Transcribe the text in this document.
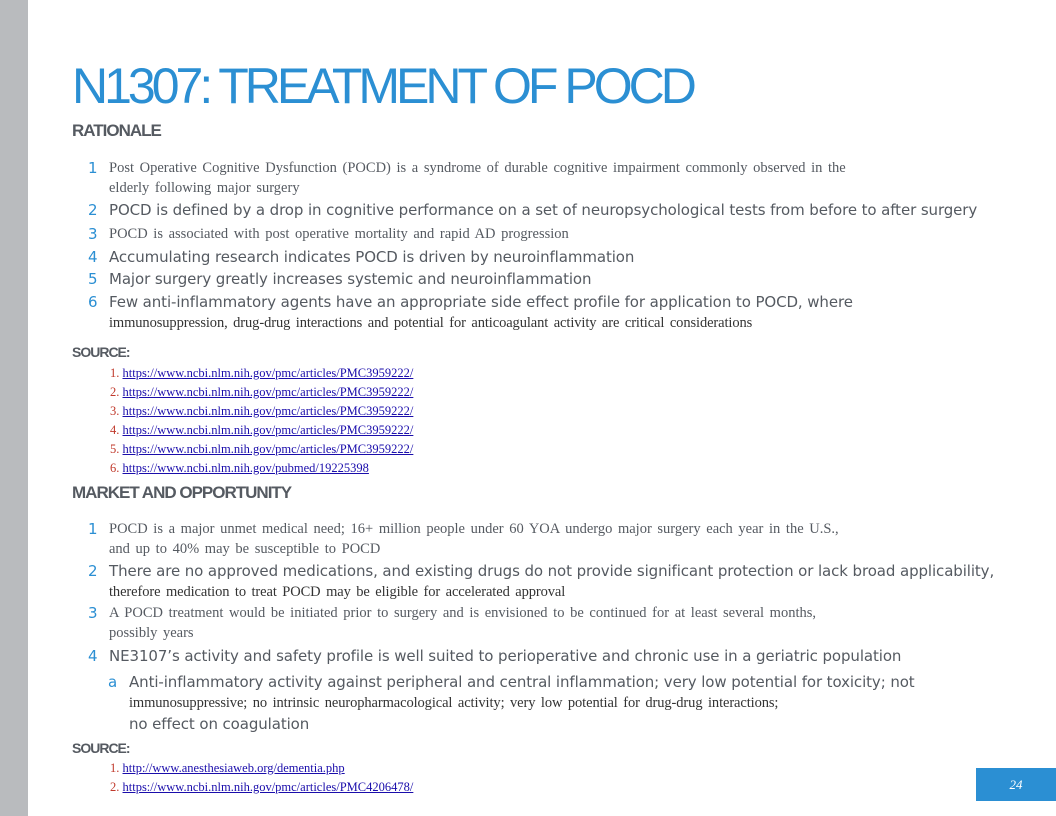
N1307: TREATMENT OF POCD
RATIONALE
1 Post Operative Cognitive Dysfunction (POCD) is a syndrome of durable cognitive impairment commonly observed in the
elderly following major surgery
2 POCD is defined by a drop in cognitive performance on a set of neuropsychological tests from before to after surgery
3 POCD is associated with post operative mortality and rapid AD progression
4 Accumulating research indicates POCD is driven by neuroinflammation
5 Major surgery greatly increases systemic and neuroinflammation
6 Few anti-inflammatory agents have an appropriate side effect profile for application to POCD, where
immunosuppression, drug-drug interactions and potential for anticoagulant activity are critical considerations
SOURCE:
1. https://www.ncbi.nlm.nih.gov/pmc/articles/PMC3959222/
2. https://www.ncbi.nlm.nih.gov/pmc/articles/PMC3959222/
3. https://www.ncbi.nlm.nih.gov/pmc/articles/PMC3959222/
4. https://www.ncbi.nlm.nih.gov/pmc/articles/PMC3959222/
5. https://www.ncbi.nlm.nih.gov/pmc/articles/PMC3959222/
6. https://www.ncbi.nlm.nih.gov/pubmed/19225398
MARKET AND OPPORTUNITY
1 POCD is a major unmet medical need; 16+ million people under 60 YOA undergo major surgery each year in the U.S.,
and up to 40% may be susceptible to POCD
2 There are no approved medications, and existing drugs do not provide significant protection or lack broad applicability,
therefore medication to treat POCD may be eligible for accelerated approval
3 A POCD treatment would be initiated prior to surgery and is envisioned to be continued for at least several months,
possibly years
4 NE3107’s activity and safety profile is well suited to perioperative and chronic use in a geriatric population
a Anti-inflammatory activity against peripheral and central inflammation; very low potential for toxicity; not
immunosuppressive; no intrinsic neuropharmacological activity; very low potential for drug-drug interactions;
no effect on coagulation
SOURCE:
1. http://www.anesthesiaweb.org/dementia.php
2. https://www.ncbi.nlm.nih.gov/pmc/articles/PMC4206478/	24
